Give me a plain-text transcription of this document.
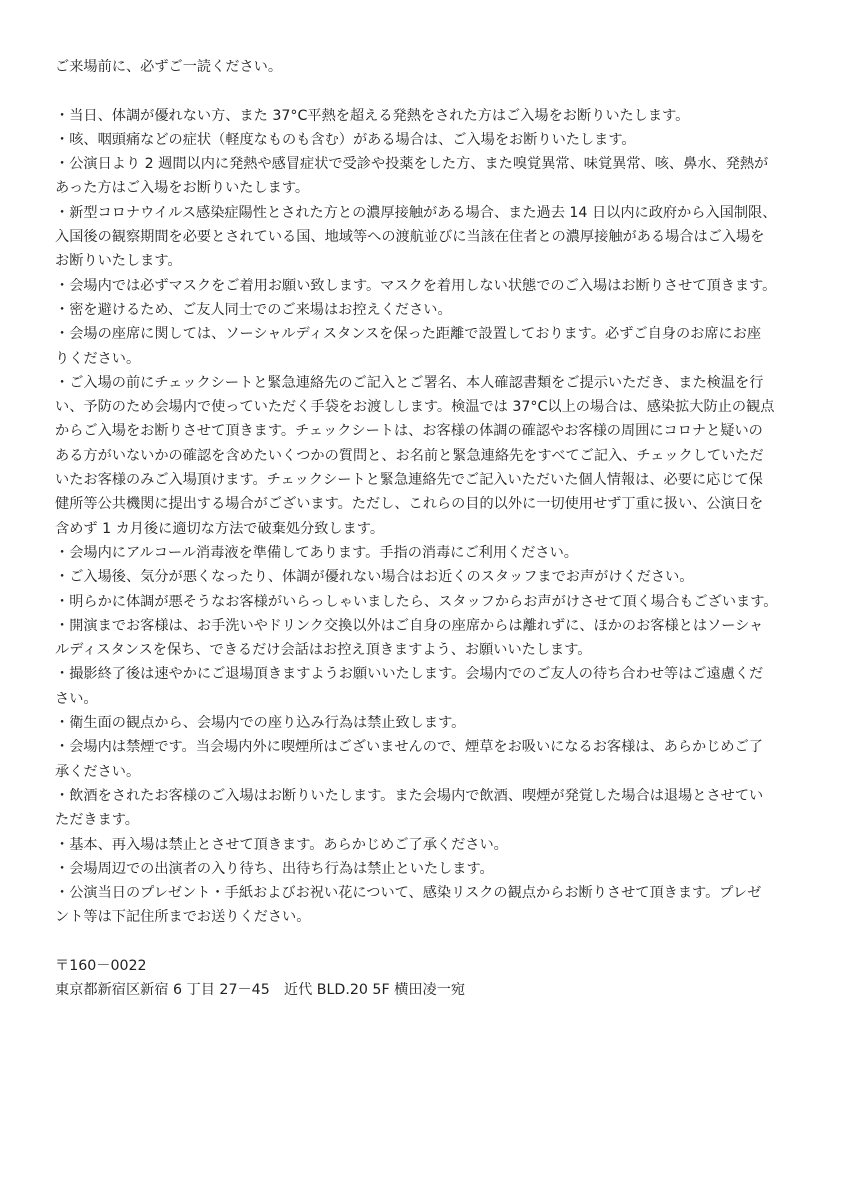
ご来場前に、必ずご一読ください。

・当日、体調が優れない方、また 37°C平熱を超える発熱をされた方はご入場をお断りいたします。
・咳、咽頭痛などの症状（軽度なものも含む）がある場合は、ご入場をお断りいたします。
・公演日より 2 週間以内に発熱や感冒症状で受診や投薬をした方、また嗅覚異常、味覚異常、咳、鼻水、発熱が
あった方はご入場をお断りいたします。
・新型コロナウイルス感染症陽性とされた方との濃厚接触がある場合、また過去 14 日以内に政府から入国制限、
入国後の観察期間を必要とされている国、地域等への渡航並びに当該在住者との濃厚接触がある場合はご入場を
お断りいたします。
・会場内では必ずマスクをご着用お願い致します。マスクを着用しない状態でのご入場はお断りさせて頂きます。
・密を避けるため、ご友人同士でのご来場はお控えください。
・会場の座席に関しては、ソーシャルディスタンスを保った距離で設置しております。必ずご自身のお席にお座
りください。
・ご入場の前にチェックシートと緊急連絡先のご記入とご署名、本人確認書類をご提示いただき、また検温を行
い、予防のため会場内で使っていただく手袋をお渡しします。検温では 37°C以上の場合は、感染拡大防止の観点
からご入場をお断りさせて頂きます。チェックシートは、お客様の体調の確認やお客様の周囲にコロナと疑いの
ある方がいないかの確認を含めたいくつかの質問と、お名前と緊急連絡先をすべてご記入、チェックしていただ
いたお客様のみご入場頂けます。チェックシートと緊急連絡先でご記入いただいた個人情報は、必要に応じて保
健所等公共機関に提出する場合がございます。ただし、これらの目的以外に一切使用せず丁重に扱い、公演日を
含めず 1 カ月後に適切な方法で破棄処分致します。
・会場内にアルコール消毒液を準備してあります。手指の消毒にご利用ください。
・ご入場後、気分が悪くなったり、体調が優れない場合はお近くのスタッフまでお声がけください。
・明らかに体調が悪そうなお客様がいらっしゃいましたら、スタッフからお声がけさせて頂く場合もございます。
・開演までお客様は、お手洗いやドリンク交換以外はご自身の座席からは離れずに、ほかのお客様とはソーシャ
ルディスタンスを保ち、できるだけ会話はお控え頂きますよう、お願いいたします。
・撮影終了後は速やかにご退場頂きますようお願いいたします。会場内でのご友人の待ち合わせ等はご遠慮くだ
さい。
・衛生面の観点から、会場内での座り込み行為は禁止致します。
・会場内は禁煙です。当会場内外に喫煙所はございませんので、煙草をお吸いになるお客様は、あらかじめご了
承ください。
・飲酒をされたお客様のご入場はお断りいたします。また会場内で飲酒、喫煙が発覚した場合は退場とさせてい
ただきます。
・基本、再入場は禁止とさせて頂きます。あらかじめご了承ください。
・会場周辺での出演者の入り待ち、出待ち行為は禁止といたします。
・公演当日のプレゼント・手紙およびお祝い花について、感染リスクの観点からお断りさせて頂きます。プレゼ
ント等は下記住所までお送りください。
〒160－0022
東京都新宿区新宿 6 丁目 27－45　近代 BLD.20 5F 横田凌一宛
